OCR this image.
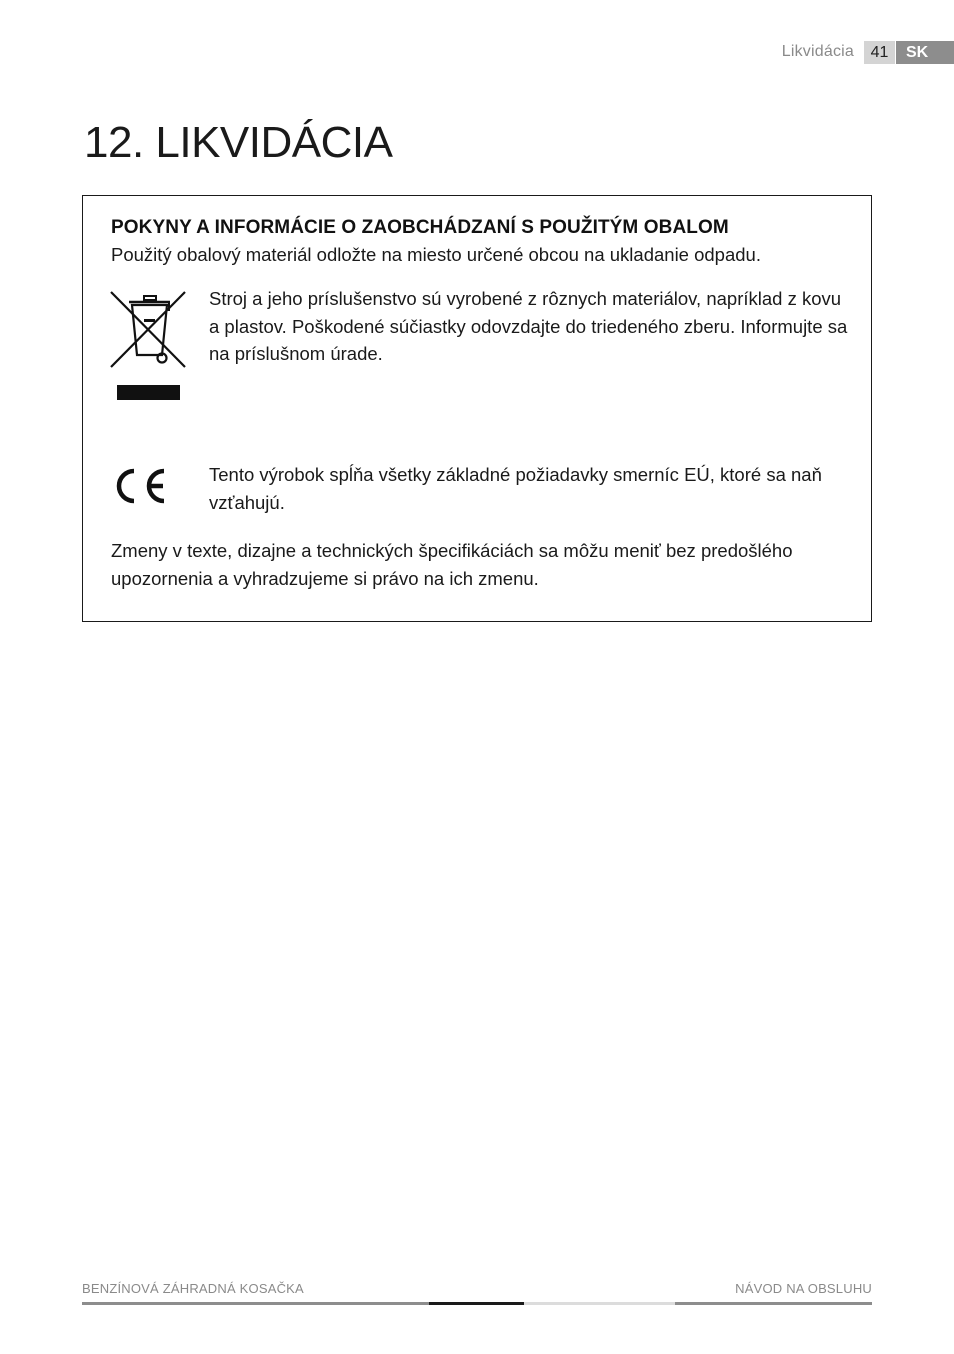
Likvidácia	41	SK
12. LIKVIDÁCIA
POKYNY A INFORMÁCIE O ZAOBCHÁDZANÍ S POUŽITÝM OBALOM

Použitý obalový materiál odložte na miesto určené obcou na ukladanie odpadu.

Stroj a jeho príslušenstvo sú vyrobené z rôznych materiálov, napríklad z kovu a plastov. Poškodené súčiastky odovzdajte do triedeného zberu. Informujte sa na príslušnom úrade.

Tento výrobok spĺňa všetky základné požiadavky smerníc EÚ, ktoré sa naň vzťahujú.

Zmeny v texte, dizajne a technických špecifikáciách sa môžu meniť bez predošlého upozornenia a vyhradzujeme si právo na ich zmenu.

BENZÍNOVÁ ZÁHRADNÁ KOSAČKA	NÁVOD NA OBSLUHU
